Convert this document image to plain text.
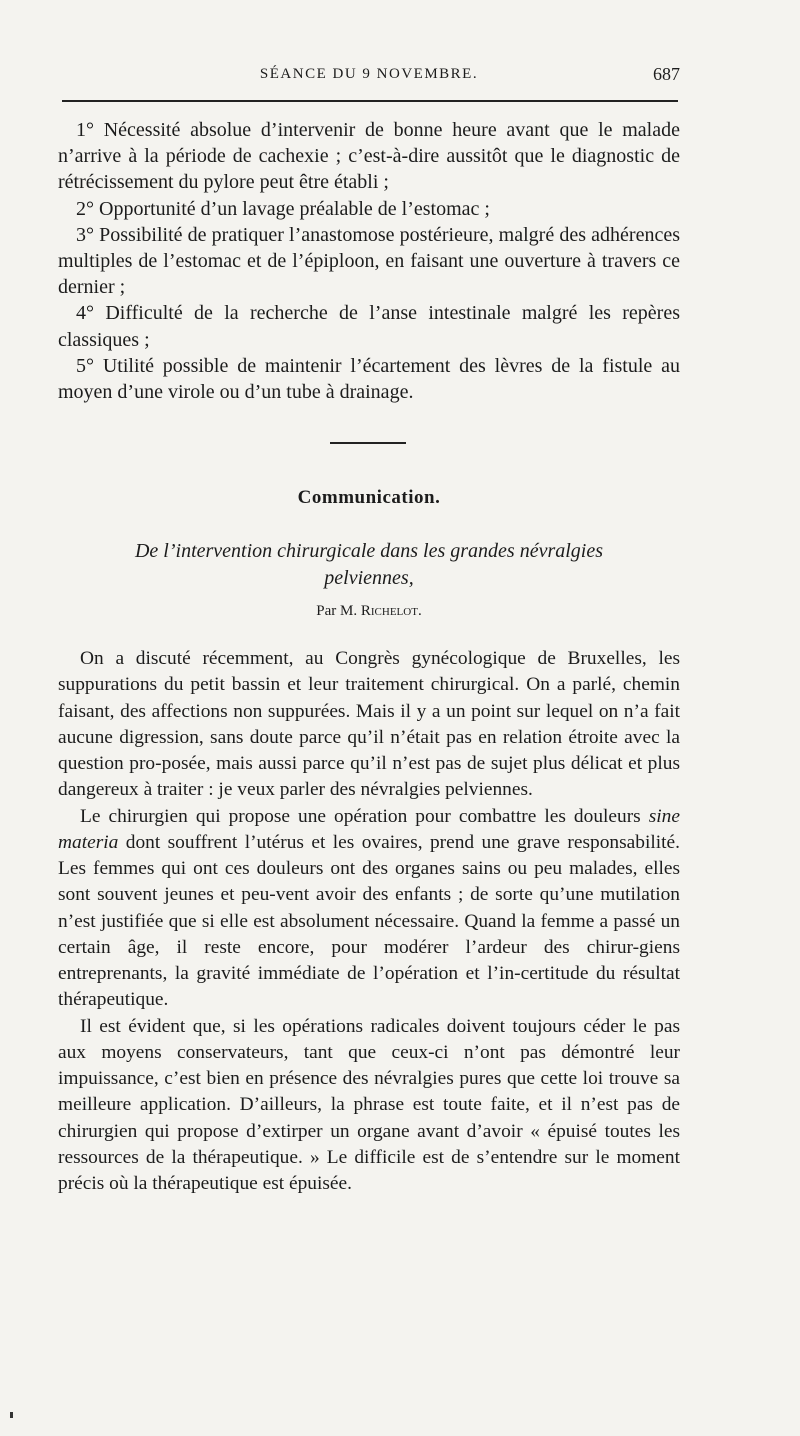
SÉANCE DU 9 NOVEMBRE.	687

1° Nécessité absolue d’intervenir de bonne heure avant que le malade n’arrive à la période de cachexie ; c’est-à-dire aussitôt que le diagnostic de rétrécissement du pylore peut être établi ;

2° Opportunité d’un lavage préalable de l’estomac ;

3° Possibilité de pratiquer l’anastomose postérieure, malgré des adhérences multiples de l’estomac et de l’épiploon, en faisant une ouverture à travers ce dernier ;

4° Difficulté de la recherche de l’anse intestinale malgré les repères classiques ;

5° Utilité possible de maintenir l’écartement des lèvres de la fistule au moyen d’une virole ou d’un tube à drainage.

Communication.
De l’intervention chirurgicale dans les grandes névralgies pelviennes,
Par M. Richelot.

On a discuté récemment, au Congrès gynécologique de Bruxelles, les suppurations du petit bassin et leur traitement chirurgical. On a parlé, chemin faisant, des affections non suppurées. Mais il y a un point sur lequel on n’a fait aucune digression, sans doute parce qu’il n’était pas en relation étroite avec la question pro-posée, mais aussi parce qu’il n’est pas de sujet plus délicat et plus dangereux à traiter : je veux parler des névralgies pelviennes.

Le chirurgien qui propose une opération pour combattre les douleurs sine materia dont souffrent l’utérus et les ovaires, prend une grave responsabilité. Les femmes qui ont ces douleurs ont des organes sains ou peu malades, elles sont souvent jeunes et peu-vent avoir des enfants ; de sorte qu’une mutilation n’est justifiée que si elle est absolument nécessaire. Quand la femme a passé un certain âge, il reste encore, pour modérer l’ardeur des chirur-giens entreprenants, la gravité immédiate de l’opération et l’in-certitude du résultat thérapeutique.

Il est évident que, si les opérations radicales doivent toujours céder le pas aux moyens conservateurs, tant que ceux-ci n’ont pas démontré leur impuissance, c’est bien en présence des névralgies pures que cette loi trouve sa meilleure application. D’ailleurs, la phrase est toute faite, et il n’est pas de chirurgien qui propose d’extirper un organe avant d’avoir « épuisé toutes les ressources de la thérapeutique. » Le difficile est de s’entendre sur le moment précis où la thérapeutique est épuisée.
